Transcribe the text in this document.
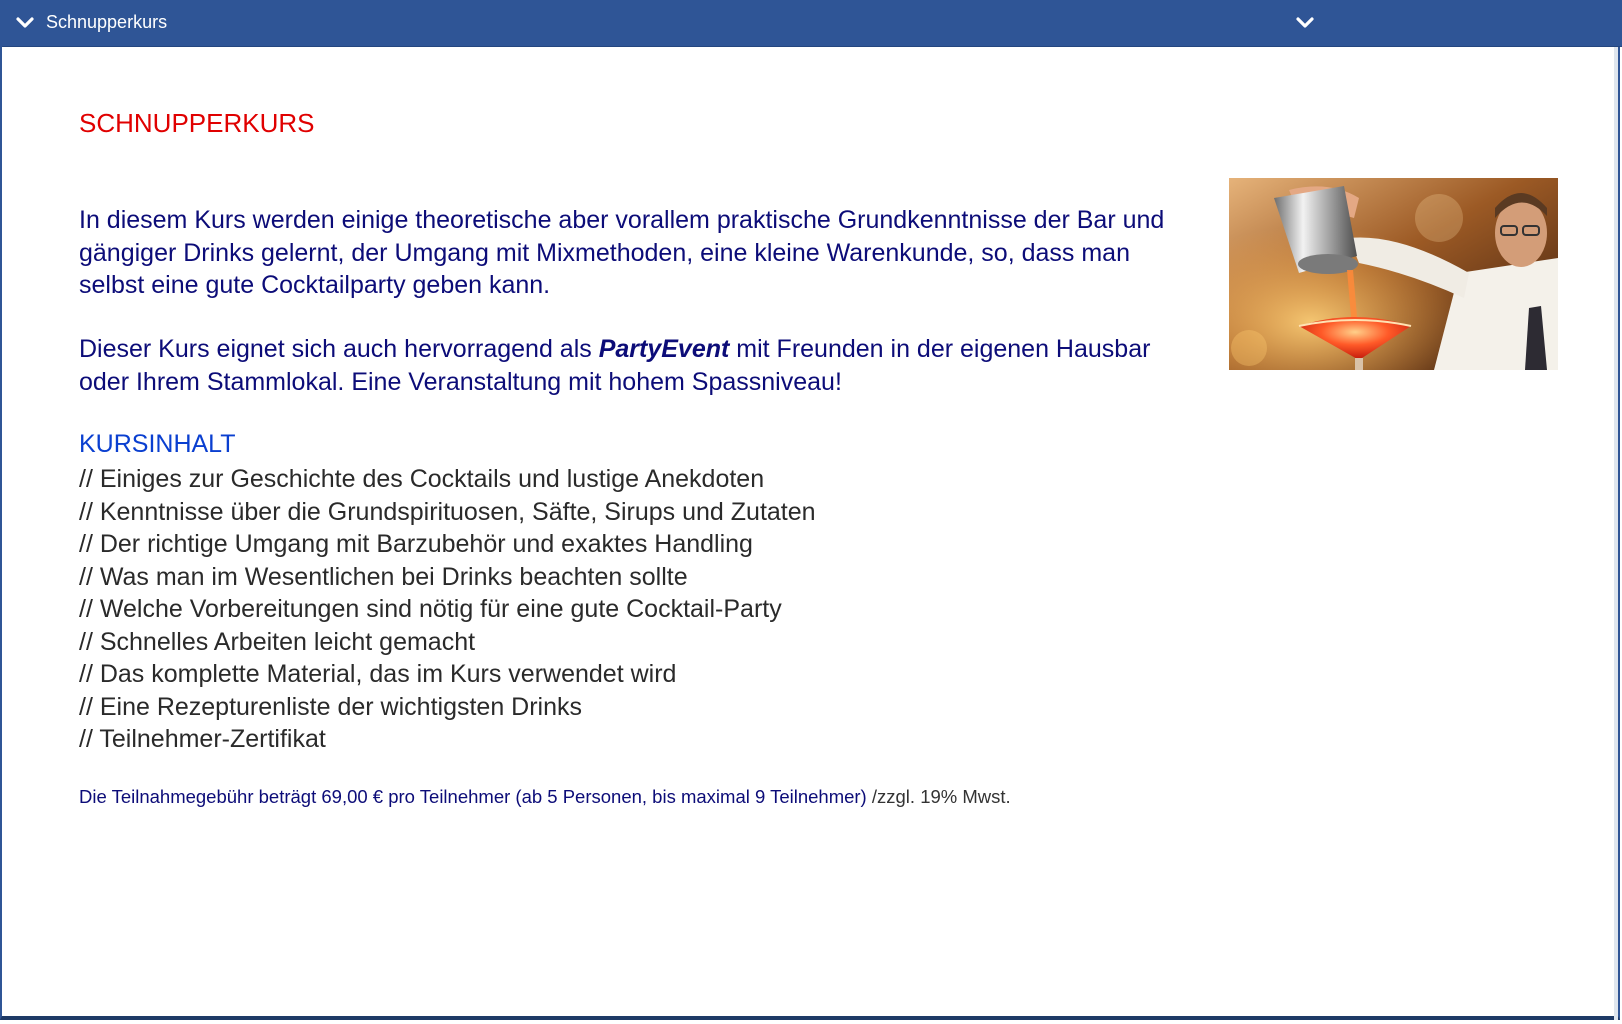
Schnupperkurs
SCHNUPPERKURS

In diesem Kurs werden einige theoretische aber vorallem praktische Grundkenntnisse der Bar und gängiger Drinks gelernt, der Umgang mit Mixmethoden, eine kleine Warenkunde, so, dass man selbst eine gute Cocktailparty geben kann.

Dieser Kurs eignet sich auch hervorragend als PartyEvent mit Freunden in der eigenen Hausbar oder Ihrem Stammlokal. Eine Veranstaltung mit hohem Spassniveau!

KURSINHALT
// Einiges zur Geschichte des Cocktails und lustige Anekdoten
// Kenntnisse über die Grundspirituosen, Säfte, Sirups und Zutaten
// Der richtige Umgang mit Barzubehör und exaktes Handling
// Was man im Wesentlichen bei Drinks beachten sollte
// Welche Vorbereitungen sind nötig für eine gute Cocktail-Party
// Schnelles Arbeiten leicht gemacht
// Das komplette Material, das im Kurs verwendet wird
// Eine Rezepturenliste der wichtigsten Drinks
// Teilnehmer-Zertifikat

Die Teilnahmegebühr beträgt 69,00 € pro Teilnehmer (ab 5 Personen, bis maximal 9 Teilnehmer) /zzgl. 19% Mwst.
